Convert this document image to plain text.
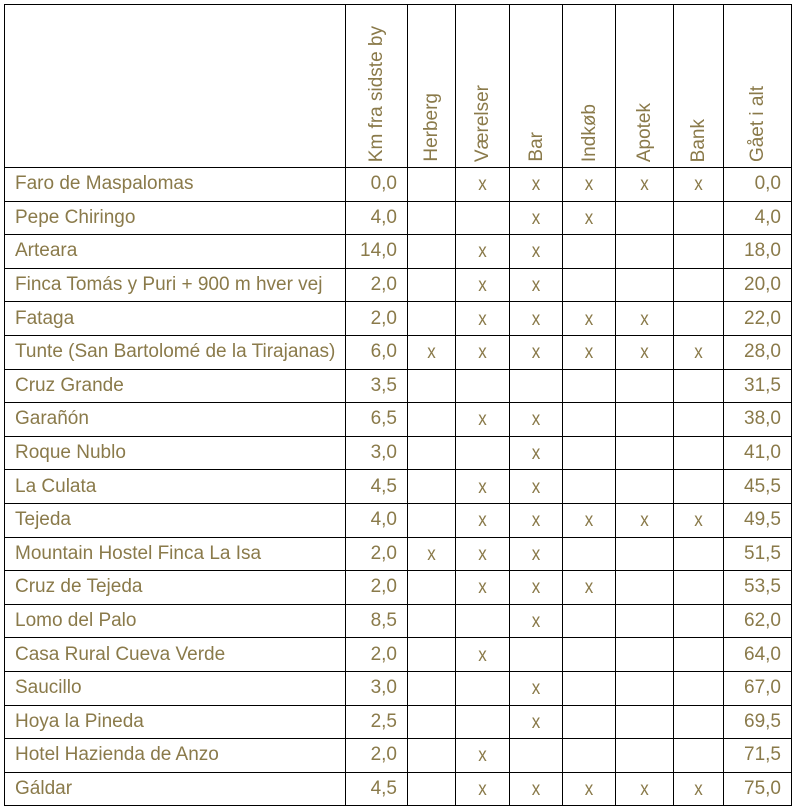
	Km fra sidste by	Herberg	Værelser	Bar	Indkøb	Apotek	Bank	Gået i alt
Faro de Maspalomas	0,0		x	x	x	x	x	0,0
Pepe Chiringo	4,0			x	x			4,0
Arteara	14,0		x	x				18,0
Finca Tomás y Puri + 900 m hver vej	2,0		x	x				20,0
Fataga	2,0		x	x	x	x		22,0
Tunte (San Bartolomé de la Tirajanas)	6,0	x	x	x	x	x	x	28,0
Cruz Grande	3,5							31,5
Garañón	6,5		x	x				38,0
Roque Nublo	3,0			x				41,0
La Culata	4,5		x	x				45,5
Tejeda	4,0		x	x	x	x	x	49,5
Mountain Hostel Finca La Isa	2,0	x	x	x				51,5
Cruz de Tejeda	2,0		x	x	x			53,5
Lomo del Palo	8,5			x				62,0
Casa Rural Cueva Verde	2,0		x					64,0
Saucillo	3,0			x				67,0
Hoya la Pineda	2,5			x				69,5
Hotel Hazienda de Anzo	2,0		x					71,5
Gáldar	4,5		x	x	x	x	x	75,0
